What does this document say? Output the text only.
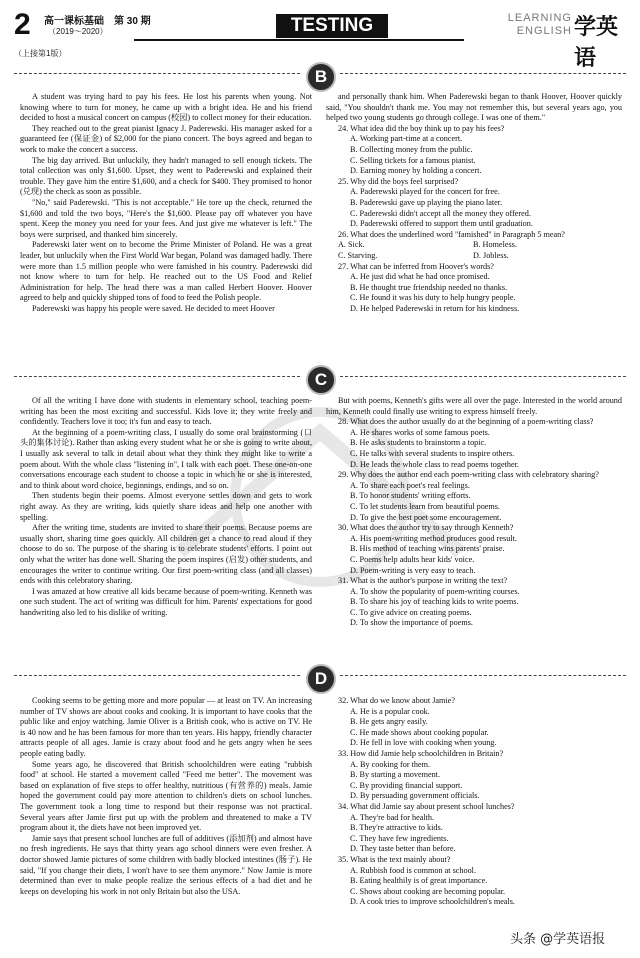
2 高一课标基础　第 30 期
（2019～2020）	TESTING	LEARNING
ENGLISH 学英语
（上接第1版）
B

A student was trying hard to pay his fees. He lost his parents when young. Not knowing where to turn for money, he came up with a bright idea. He and his friend decided to host a musical concert on campus (校园) to collect money for their education.

They reached out to the great pianist Ignacy J. Paderewski. His manager asked for a guaranteed fee (保证金) of $2,000 for the piano concert. The boys agreed and began to work to make the concert a success.

The big day arrived. But unluckily, they hadn't managed to sell enough tickets. The total collection was only $1,600. Upset, they went to Paderewski and explained their trouble. They gave him the entire $1,600, and a check for $400. They promised to honor (兑现) the check as soon as possible.

"No," said Paderewski. "This is not acceptable." He tore up the check, returned the $1,600 and told the two boys, "Here's the $1,600. Please pay off whatever you have spent. Keep the money you need for your fees. And just give me whatever is left." The boys were surprised, and thanked him sincerely.

Paderewski later went on to become the Prime Minister of Poland. He was a great leader, but unluckily when the First World War began, Poland was damaged badly. There were more than 1.5 million people who were famished in his country. Paderewski did not know where to turn for help. He reached out to the US Food and Relief Administration for help. The head there was a man called Herbert Hoover. Hoover agreed to help and quickly shipped tons of food to feed the Polish people.

Paderewski was happy his people were saved. He decided to meet Hoover

and personally thank him. When Paderewski began to thank Hoover, Hoover quickly said, "You shouldn't thank me. You may not remember this, but several years ago, you helped two young students go through college. I was one of them."

24. What idea did the boy think up to pay his fees?

A. Working part-time at a concert.

B. Collecting money from the public.

C. Selling tickets for a famous pianist.

D. Earning money by holding a concert.

25. Why did the boys feel surprised?

A. Paderewski played for the concert for free.

B. Paderewski gave up playing the piano later.

C. Paderewski didn't accept all the money they offered.

D. Paderewski offered to support them until graduation.

26. What does the underlined word "famished" in Paragraph 5 mean?

A. Sick.	B. Homeless.
C. Starving.	D. Jobless.

27. What can be inferred from Hoover's words?

A. He just did what he had once promised.

B. He thought true friendship needed no thanks.

C. He found it was his duty to help hungry people.

D. He helped Paderewski in return for his kindness.

C

Of all the writing I have done with students in elementary school, teaching poem-writing has been the most exciting and successful. Kids love it; they write freely and confidently. Teachers love it too; it's fun and easy to teach.

At the beginning of a poem-writing class, I usually do some oral brainstorming (口头的集体讨论). Rather than asking every student what he or she is going to write about, I usually ask several to talk in detail about what they think they might like to write a poem about. With the whole class "listening in", I talk with each poet. These one-on-one conversations encourage each student to choose a topic in which he or she is interested, and to think about word choice, beginnings, endings, and so on.

Then students begin their poems. Almost everyone settles down and gets to work right away. As they are writing, kids quietly share ideas and help one another with spelling.

After the writing time, students are invited to share their poems. Because poems are usually short, sharing time goes quickly. All children get a chance to read aloud if they choose to do so. The purpose of the sharing is to celebrate students' efforts. I point out only what the writer has done well. Sharing the poem inspires (启发) other students, and encourages the writer to continue writing. Our first poem-writing class (and all classes) ends with this celebratory sharing.

I was amazed at how creative all kids became because of poem-writing. Kenneth was one such student. The act of writing was difficult for him. Parents' expectations for good handwriting also led to his dislike of writing.

But with poems, Kenneth's gifts were all over the page. Interested in the world around him, Kenneth could finally use writing to express himself freely.

28. What does the author usually do at the beginning of a poem-writing class?

A. He shares works of some famous poets.

B. He asks students to brainstorm a topic.

C. He talks with several students to inspire others.

D. He leads the whole class to read poems together.

29. Why does the author end each poem-writing class with celebratory sharing?

A. To share each poet's real feelings.

B. To honor students' writing efforts.

C. To let students learn from beautiful poems.

D. To give the best poet some encouragement.

30. What does the author try to say through Kenneth?

A. His poem-writing method produces good result.

B. His method of teaching wins parents' praise.

C. Poems help adults hear kids' voice.

D. Poem-writing is very easy to teach.

31. What is the author's purpose in writing the text?

A. To show the popularity of poem-writing courses.

B. To share his joy of teaching kids to write poems.

C. To give advice on creating poems.

D. To show the importance of poems.

D

Cooking seems to be getting more and more popular — at least on TV. An increasing number of TV shows are about cooks and cooking. It is important to have cooks that the public like and enjoy watching. Jamie Oliver is a British cook, who is active on TV. He is 40 now and he has been famous for more than ten years. His happy, friendly character attracts people of all ages. Jamie is crazy about food and he gets angry when he sees people eating badly.

Some years ago, he discovered that British schoolchildren were eating "rubbish food" at school. He started a movement called "Feed me better". The movement was based on explanation of five steps to offer healthy, nutritious (有营养的) meals. Jamie hoped the government could pay more attention to children's diets on school lunches. The government took a long time to respond but their response was not practical. Several years after Jamie first put up with the problem and threatened to make a TV program about it, the diets have not been improved yet.

Jamie says that present school lunches are full of additives (添加剂) and almost have no fresh ingredients. He says that thirty years ago school dinners were even fresher. A doctor showed Jamie pictures of some children with badly blocked intestines (肠子). He said, "If you change their diets, I won't have to see them anymore." Now Jamie is more determined than ever to make people realize the serious effects of a bad diet and he keeps on developing his work in not only Britain but also the USA.

32. What do we know about Jamie?

A. He is a popular cook.

B. He gets angry easily.

C. He made shows about cooking popular.

D. He fell in love with cooking when young.

33. How did Jamie help schoolchildren in Britain?

A. By cooking for them.

B. By starting a movement.

C. By providing financial support.

D. By persuading government officials.

34. What did Jamie say about present school lunches?

A. They're bad for health.

B. They're attractive to kids.

C. They have few ingredients.

D. They taste better than before.

35. What is the text mainly about?

A. Rubbish food is common at school.

B. Eating healthily is of great importance.

C. Shows about cooking are becoming popular.

D. A cook tries to improve schoolchildren's meals.

头条 @学英语报
